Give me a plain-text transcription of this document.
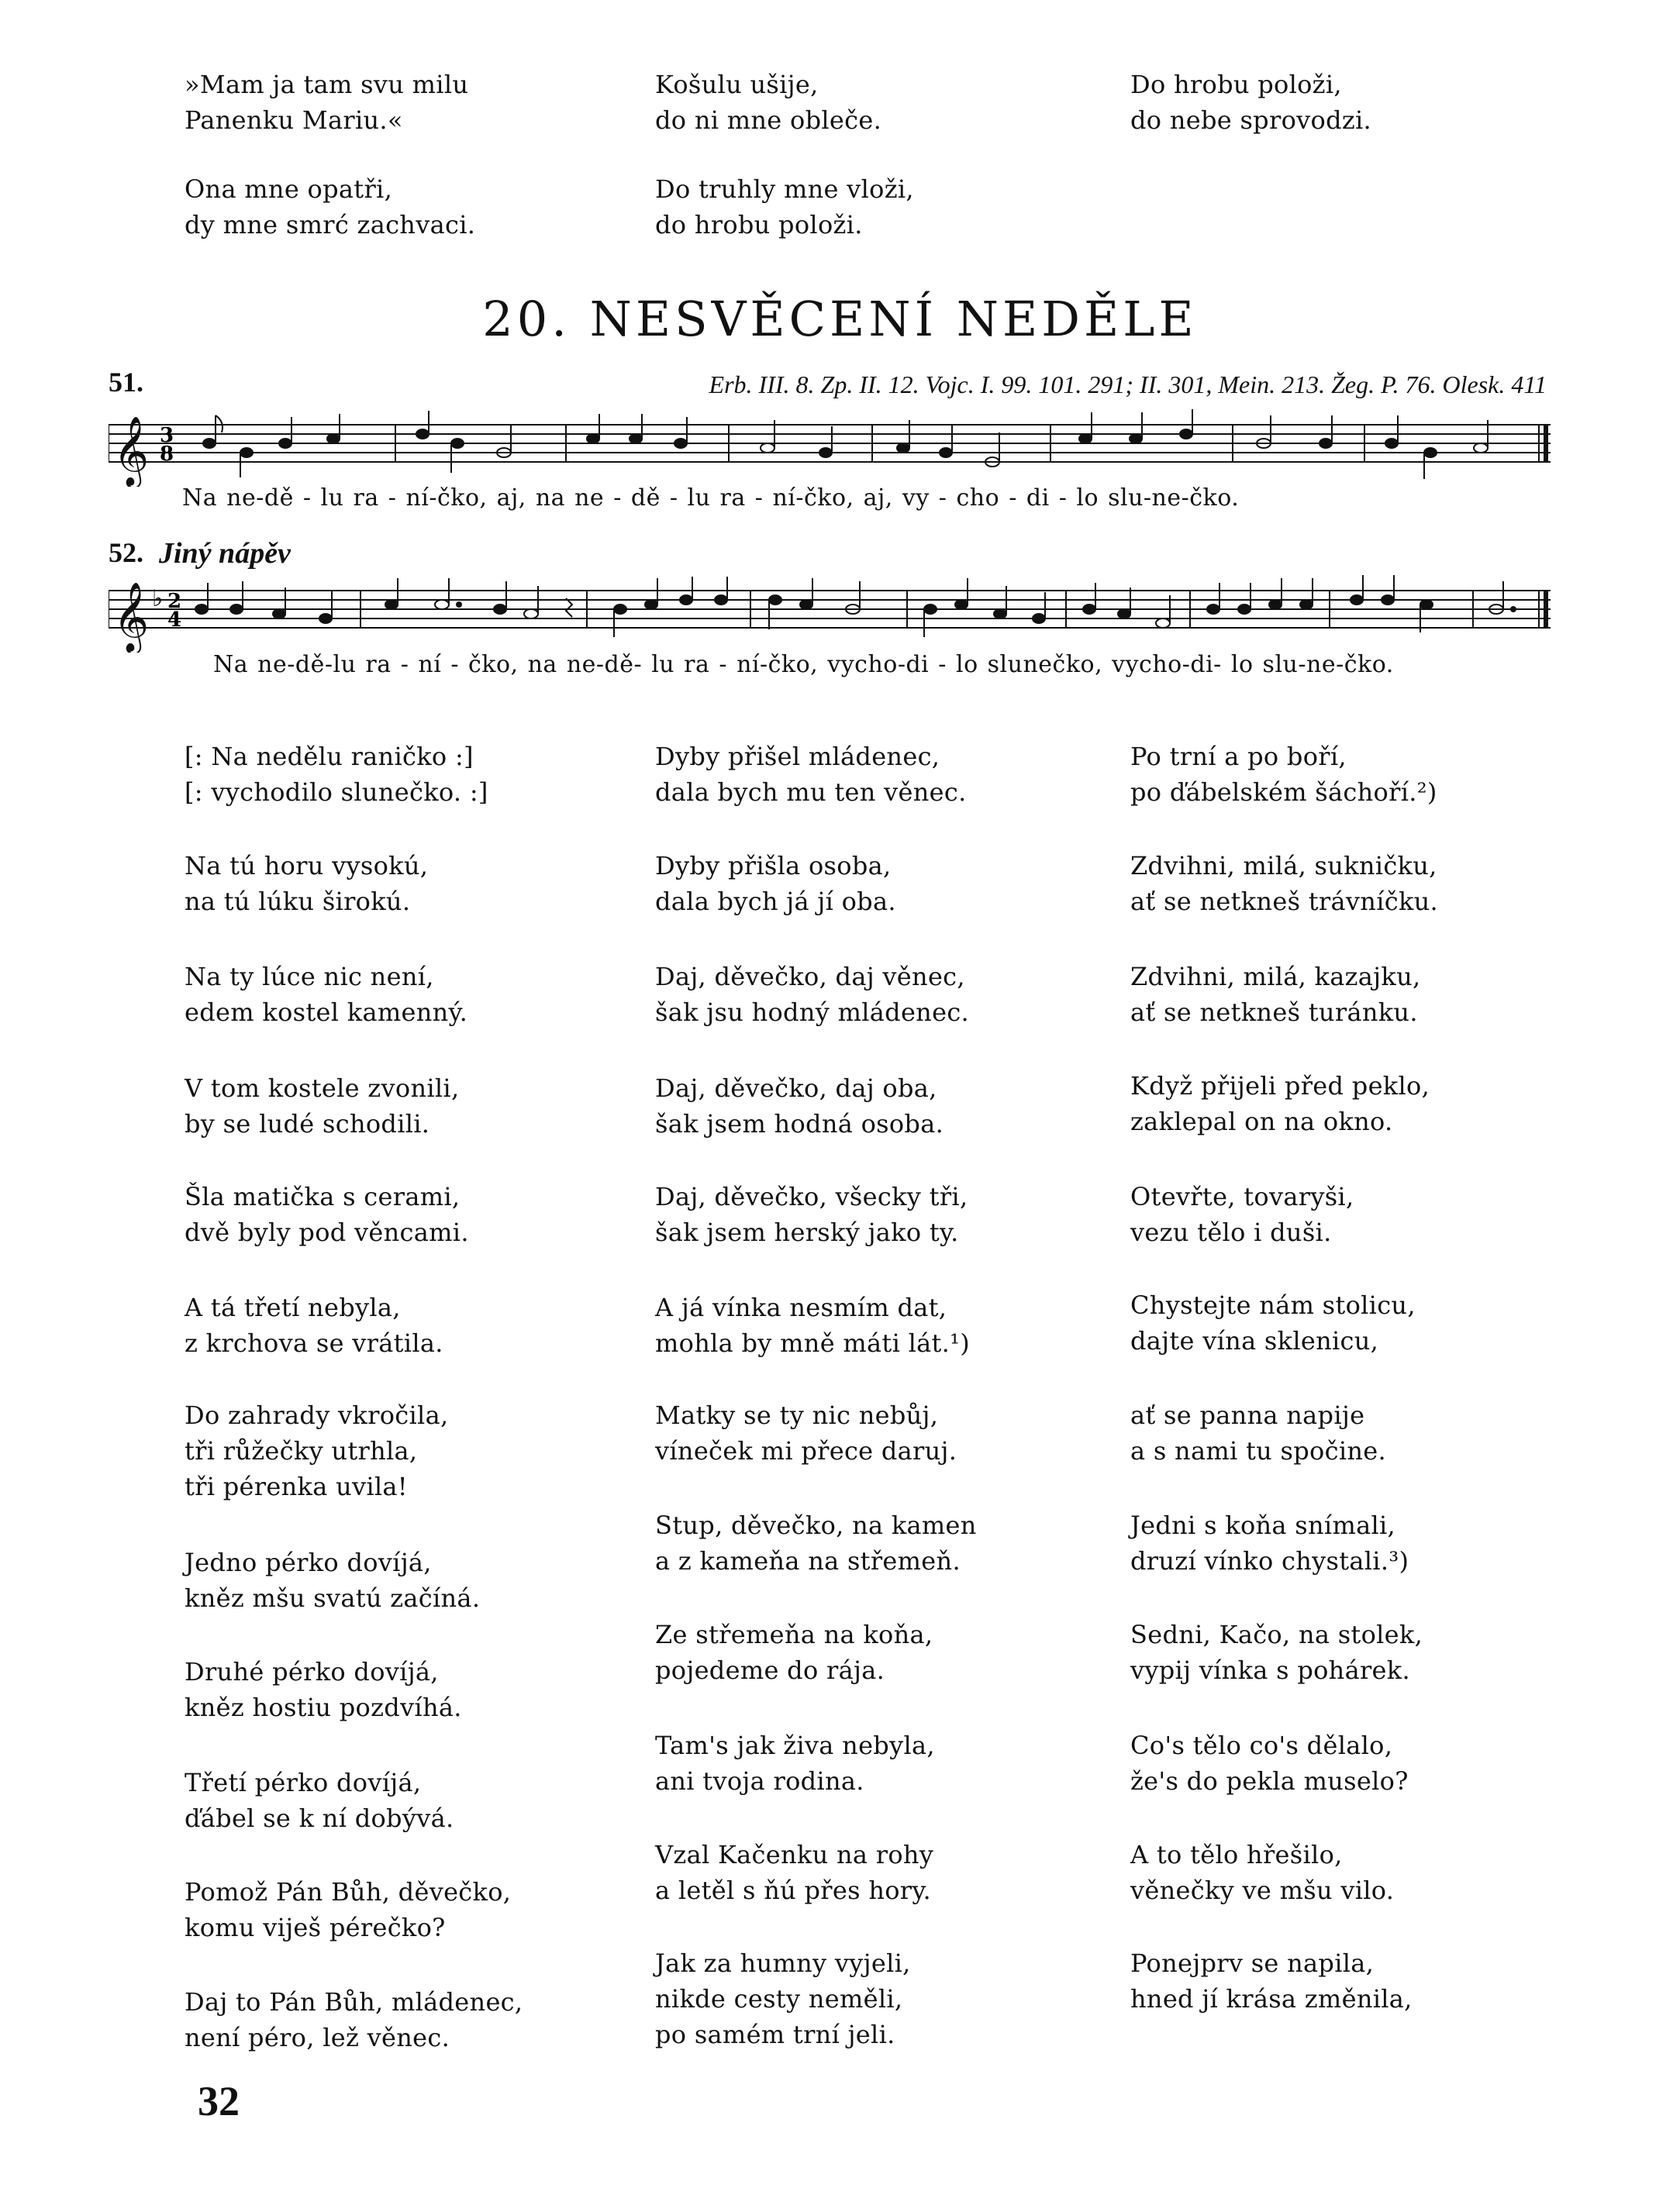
»Mam ja tam svu milu
Panenku Mariu.«
Košulu ušije,
do ni mne obleče.
Do hrobu položi,
do nebe sprovodzi.
Ona mne opatři,
dy mne smrć zachvaci.
Do truhly mne vloži,
do hrobu položi.
20. NESVĚCENÍ NEDĚLE
51.	Erb. III. 8. Zp. II. 12. Vojc. I. 99. 101. 291; II. 301, Mein. 213. Žeg. P. 76. Olesk. 411
𝄞 3
8
Na ne-dě - lu ra - ní-čko, aj, na ne - dě - lu ra - ní-čko, aj, vy - cho - di - lo slu-ne-čko.
52. Jiný nápěv
𝄞 ♭ 2
4
Na ne-dě-lu ra - ní - čko, na ne-dě- lu ra - ní-čko, vycho-di - lo slunečko, vycho-di- lo slu-ne-čko.
[: Na nedělu raničko :]
[: vychodilo slunečko. :]
Na tú horu vysokú,
na tú lúku širokú.
Na ty lúce nic není,
edem kostel kamenný.
V tom kostele zvonili,
by se ludé schodili.
Šla matička s cerami,
dvě byly pod věncami.
A tá třetí nebyla,
z krchova se vrátila.
Do zahrady vkročila,
tři růžečky utrhla,
tři pérenka uvila!
Jedno pérko dovíjá,
kněz mšu svatú začíná.
Druhé pérko dovíjá,
kněz hostiu pozdvíhá.
Třetí pérko dovíjá,
ďábel se k ní dobývá.
Pomož Pán Bůh, děvečko,
komu viješ pérečko?
Daj to Pán Bůh, mládenec,
není péro, lež věnec.
Dyby přišel mládenec,
dala bych mu ten věnec.
Dyby přišla osoba,
dala bych já jí oba.
Daj, děvečko, daj věnec,
šak jsu hodný mládenec.
Daj, děvečko, daj oba,
šak jsem hodná osoba.
Daj, děvečko, všecky tři,
šak jsem herský jako ty.
A já vínka nesmím dat,
mohla by mně máti lát.¹)
Matky se ty nic nebůj,
víneček mi přece daruj.
Stup, děvečko, na kamen
a z kameňa na střemeň.
Ze střemeňa na koňa,
pojedeme do rája.
Tam's jak živa nebyla,
ani tvoja rodina.
Vzal Kačenku na rohy
a letěl s ňú přes hory.
Jak za humny vyjeli,
nikde cesty neměli,
po samém trní jeli.
Po trní a po boří,
po ďábelském šáchoří.²)
Zdvihni, milá, sukničku,
ať se netkneš trávníčku.
Zdvihni, milá, kazajku,
ať se netkneš turánku.
Když přijeli před peklo,
zaklepal on na okno.
Otevřte, tovaryši,
vezu tělo i duši.
Chystejte nám stolicu,
dajte vína sklenicu,
ať se panna napije
a s nami tu spočine.
Jedni s koňa snímali,
druzí vínko chystali.³)
Sedni, Kačo, na stolek,
vypij vínka s pohárek.
Co's tělo co's dělalo,
že's do pekla muselo?
A to tělo hřešilo,
věnečky ve mšu vilo.
Ponejprv se napila,
hned jí krása změnila,
32
